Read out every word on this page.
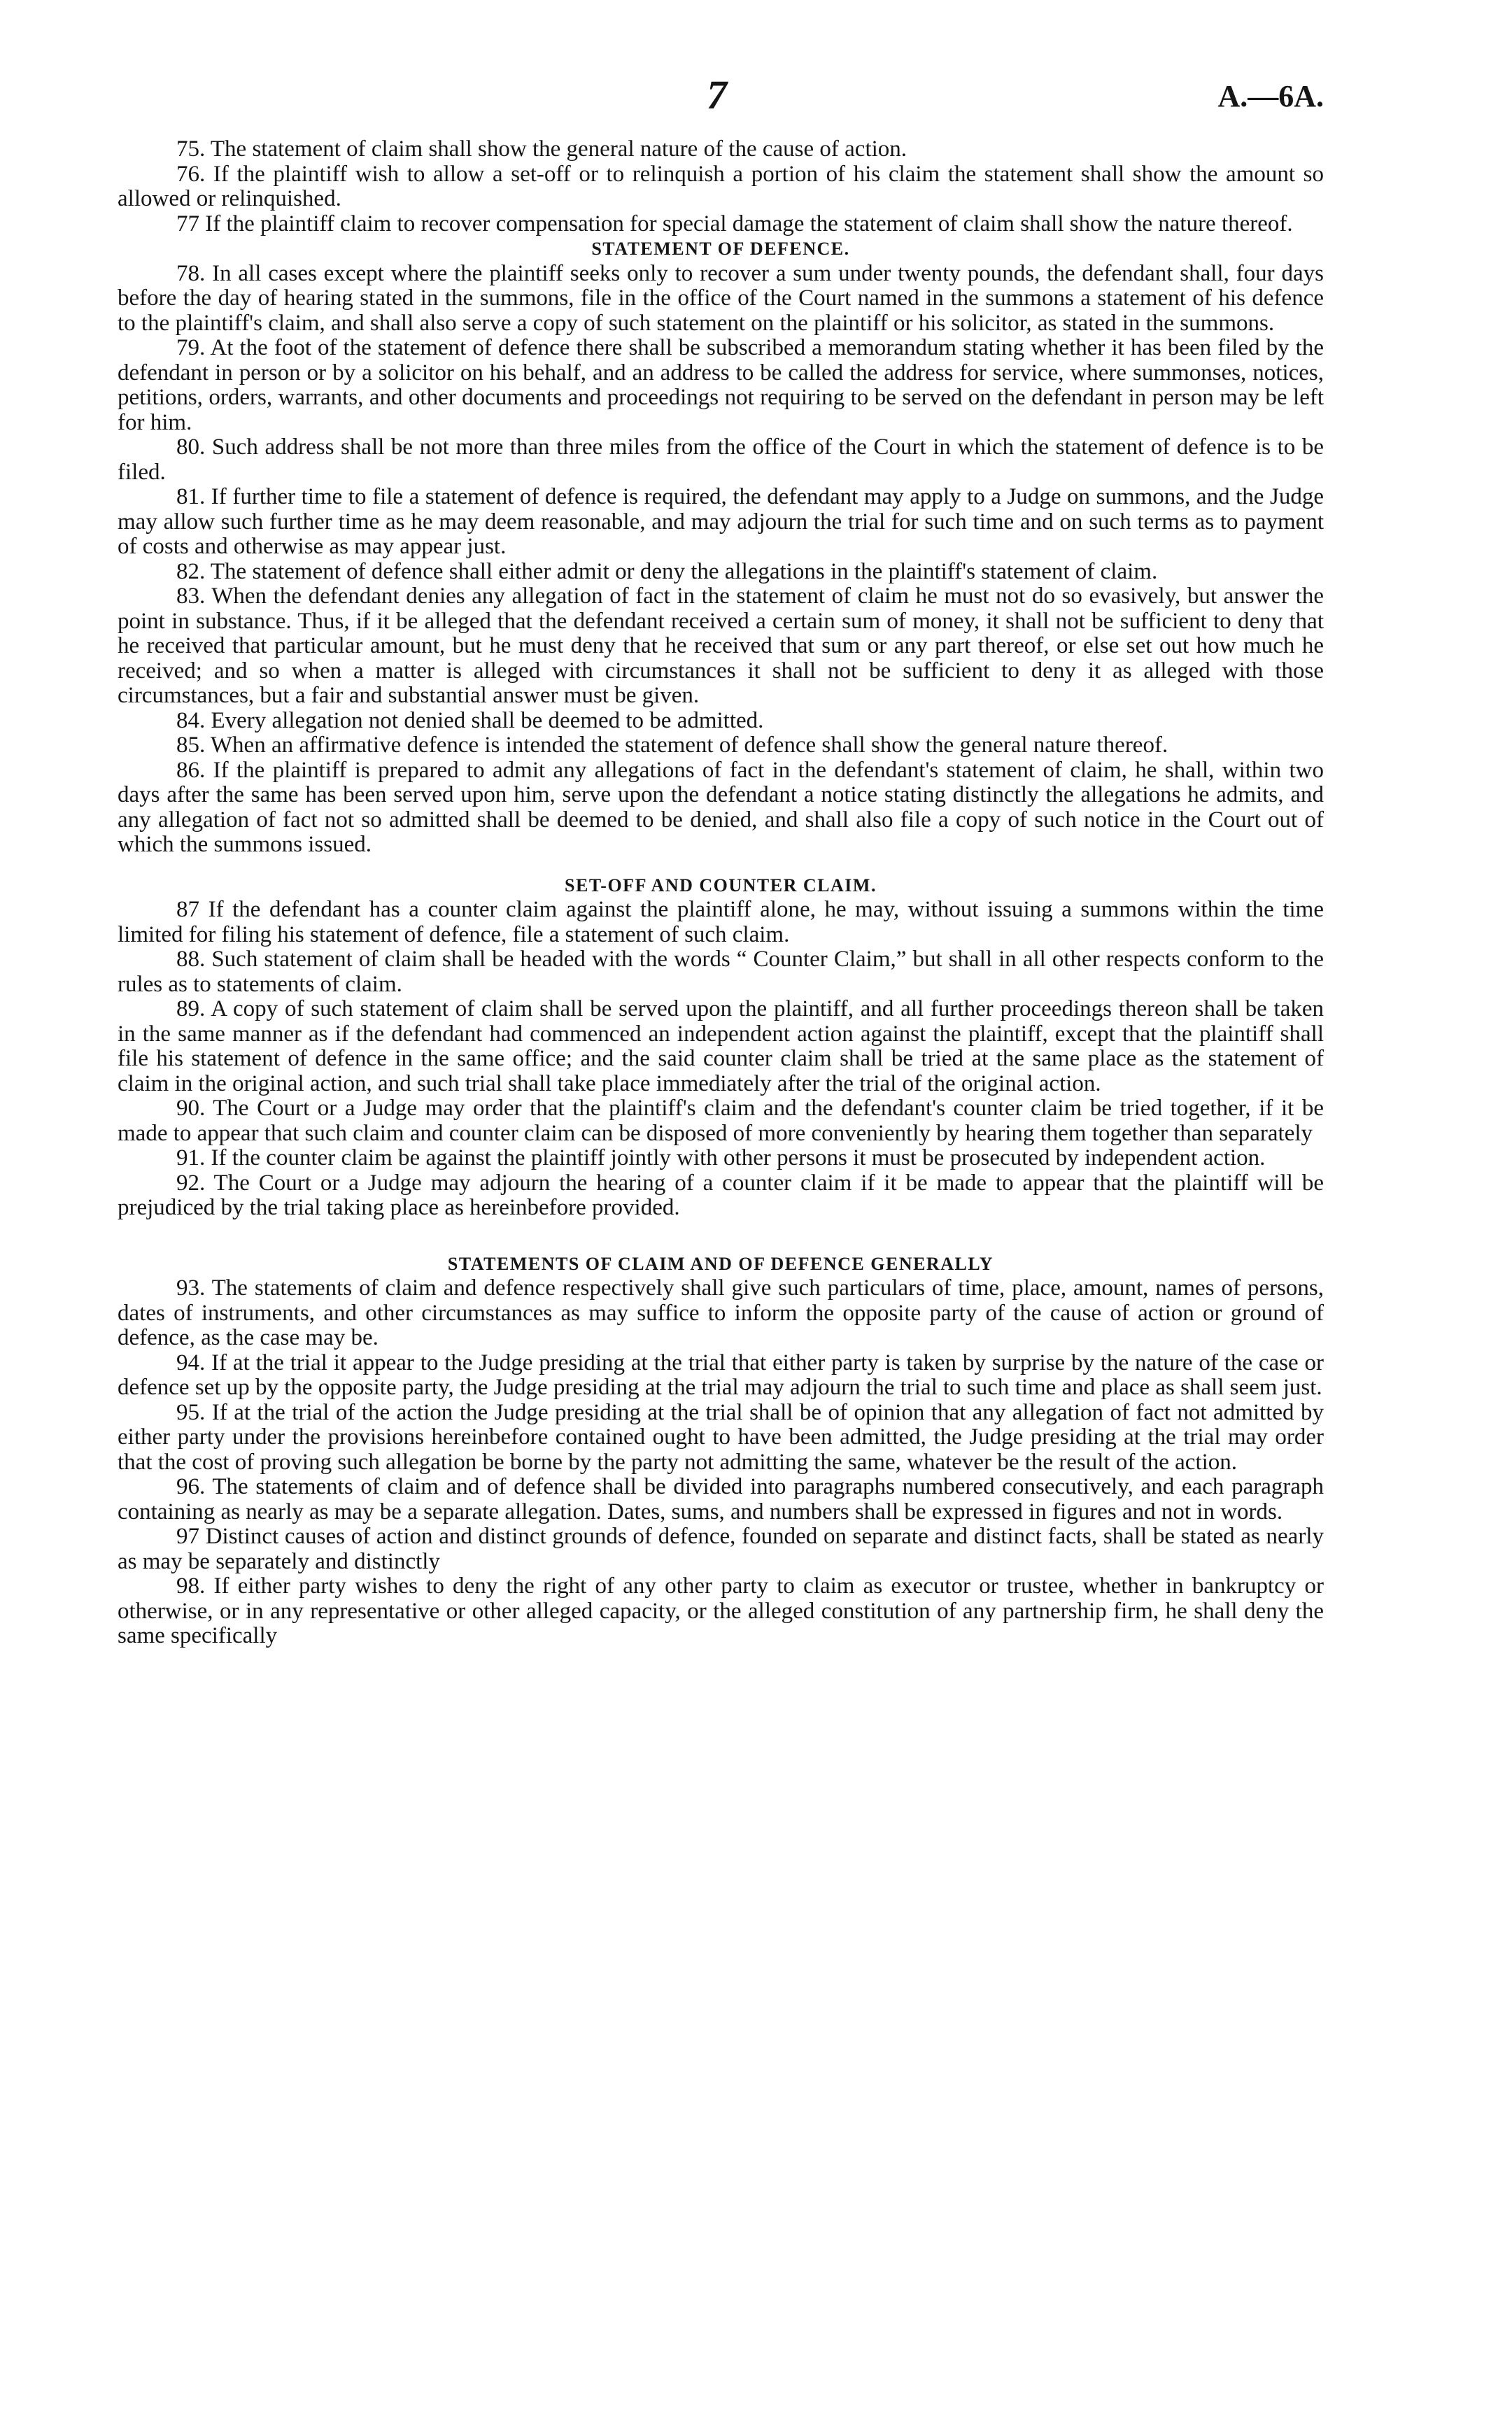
7	A.—6A.

75. The statement of claim shall show the general nature of the cause of action.

76. If the plaintiff wish to allow a set-off or to relinquish a portion of his claim the statement shall show the amount so allowed or relinquished.

77 If the plaintiff claim to recover compensation for special damage the statement of claim shall show the nature thereof.

STATEMENT OF DEFENCE.

78. In all cases except where the plaintiff seeks only to recover a sum under twenty pounds, the defendant shall, four days before the day of hearing stated in the summons, file in the office of the Court named in the summons a statement of his defence to the plaintiff's claim, and shall also serve a copy of such statement on the plaintiff or his solicitor, as stated in the summons.

79. At the foot of the statement of defence there shall be subscribed a memorandum stating whether it has been filed by the defendant in person or by a solicitor on his behalf, and an address to be called the address for service, where summonses, notices, petitions, orders, warrants, and other documents and proceedings not requiring to be served on the defendant in person may be left for him.

80. Such address shall be not more than three miles from the office of the Court in which the statement of defence is to be filed.

81. If further time to file a statement of defence is required, the defendant may apply to a Judge on summons, and the Judge may allow such further time as he may deem reasonable, and may adjourn the trial for such time and on such terms as to payment of costs and otherwise as may appear just.

82. The statement of defence shall either admit or deny the allegations in the plaintiff's statement of claim.

83. When the defendant denies any allegation of fact in the statement of claim he must not do so evasively, but answer the point in substance. Thus, if it be alleged that the defendant received a certain sum of money, it shall not be sufficient to deny that he received that particular amount, but he must deny that he received that sum or any part thereof, or else set out how much he received; and so when a matter is alleged with circumstances it shall not be sufficient to deny it as alleged with those circumstances, but a fair and substantial answer must be given.

84. Every allegation not denied shall be deemed to be admitted.

85. When an affirmative defence is intended the statement of defence shall show the general nature thereof.

86. If the plaintiff is prepared to admit any allegations of fact in the defendant's statement of claim, he shall, within two days after the same has been served upon him, serve upon the defendant a notice stating distinctly the allegations he admits, and any allegation of fact not so admitted shall be deemed to be denied, and shall also file a copy of such notice in the Court out of which the summons issued.

SET-OFF AND COUNTER CLAIM.

87 If the defendant has a counter claim against the plaintiff alone, he may, without issuing a summons within the time limited for filing his statement of defence, file a statement of such claim.

88. Such statement of claim shall be headed with the words “ Counter Claim,” but shall in all other respects conform to the rules as to statements of claim.

89. A copy of such statement of claim shall be served upon the plaintiff, and all further proceedings thereon shall be taken in the same manner as if the defendant had commenced an independent action against the plaintiff, except that the plaintiff shall file his statement of defence in the same office; and the said counter claim shall be tried at the same place as the statement of claim in the original action, and such trial shall take place immediately after the trial of the original action.

90. The Court or a Judge may order that the plaintiff's claim and the defendant's counter claim be tried together, if it be made to appear that such claim and counter claim can be disposed of more conveniently by hearing them together than separately

91. If the counter claim be against the plaintiff jointly with other persons it must be prosecuted by independent action.

92. The Court or a Judge may adjourn the hearing of a counter claim if it be made to appear that the plaintiff will be prejudiced by the trial taking place as hereinbefore provided.

STATEMENTS OF CLAIM AND OF DEFENCE GENERALLY

93. The statements of claim and defence respectively shall give such particulars of time, place, amount, names of persons, dates of instruments, and other circumstances as may suffice to inform the opposite party of the cause of action or ground of defence, as the case may be.

94. If at the trial it appear to the Judge presiding at the trial that either party is taken by surprise by the nature of the case or defence set up by the opposite party, the Judge presiding at the trial may adjourn the trial to such time and place as shall seem just.

95. If at the trial of the action the Judge presiding at the trial shall be of opinion that any allegation of fact not admitted by either party under the provisions hereinbefore contained ought to have been admitted, the Judge presiding at the trial may order that the cost of proving such allegation be borne by the party not admitting the same, whatever be the result of the action.

96. The statements of claim and of defence shall be divided into paragraphs numbered consecutively, and each paragraph containing as nearly as may be a separate allegation. Dates, sums, and numbers shall be expressed in figures and not in words.

97 Distinct causes of action and distinct grounds of defence, founded on separate and distinct facts, shall be stated as nearly as may be separately and distinctly

98. If either party wishes to deny the right of any other party to claim as executor or trustee, whether in bankruptcy or otherwise, or in any representative or other alleged capacity, or the alleged constitution of any partnership firm, he shall deny the same specifically
